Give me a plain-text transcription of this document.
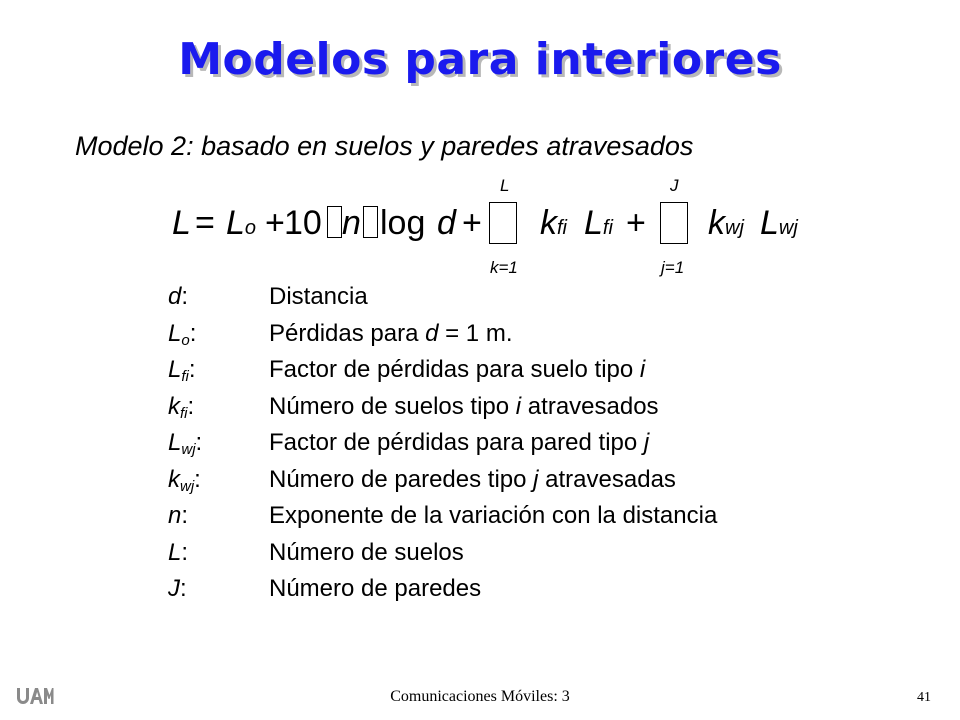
Modelos para interiores
Modelo 2: basado en suelos y paredes atravesados
L = Lo + 10 n log d +
L
k=1
kfi Lfi +
J
j=1
kwj Lwj
d:	Distancia
Lo:	Pérdidas para d = 1 m.
Lfi:	Factor de pérdidas para suelo tipo i
kfi:	Número de suelos tipo i atravesados
Lwj:	Factor de pérdidas para pared tipo j
kwj:	Número de paredes tipo j atravesadas
n:	Exponente de la variación con la distancia
L:	Número de suelos
J:	Número de paredes
Comunicaciones Móviles: 3	41
